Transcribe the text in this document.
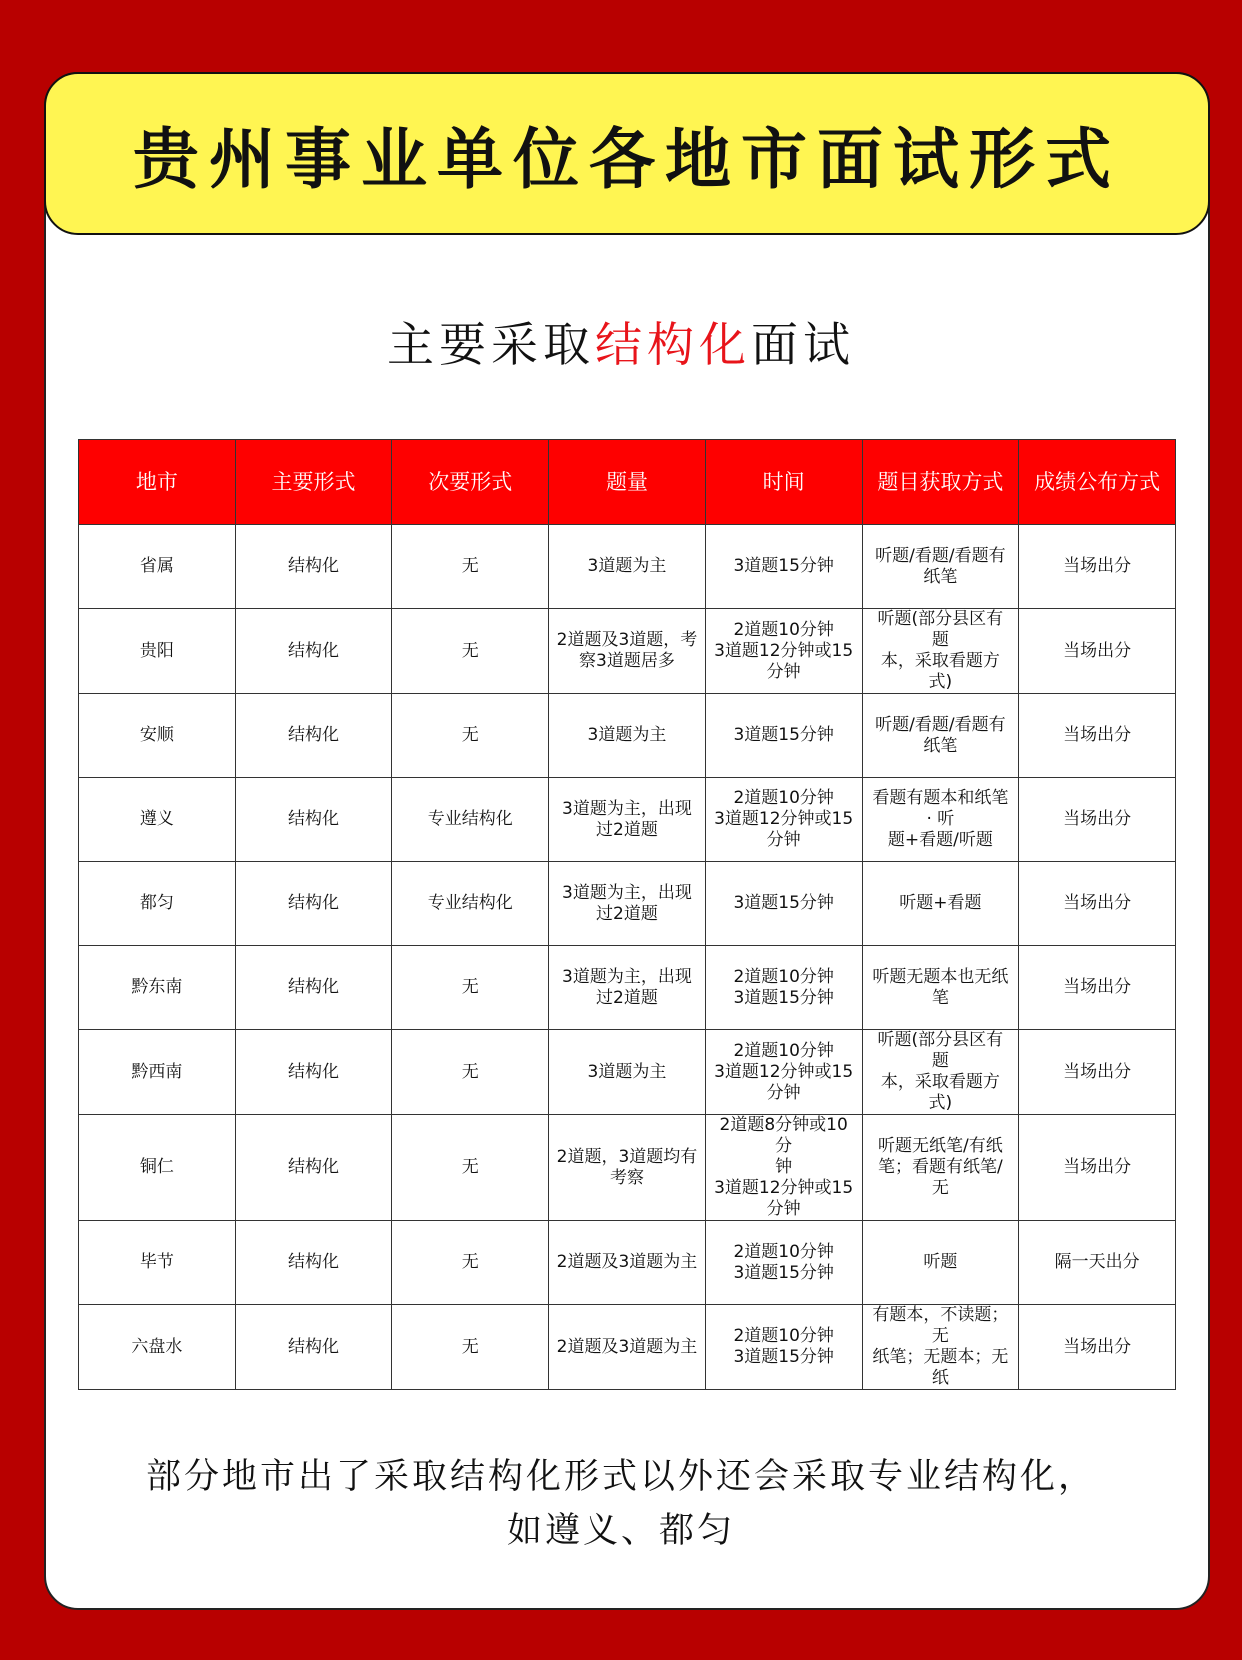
贵州事业单位各地市面试形式
主要采取结构化面试
地市	主要形式	次要形式	题量	时间	题目获取方式	成绩公布方式
省属	结构化	无	3道题为主	3道题15分钟	听题/看题/看题有
纸笔	当场出分
贵阳	结构化	无	2道题及3道题，考
察3道题居多	2道题10分钟
3道题12分钟或15
分钟	听题(部分县区有
题
本，采取看题方
式)	当场出分
安顺	结构化	无	3道题为主	3道题15分钟	听题/看题/看题有
纸笔	当场出分
遵义	结构化	专业结构化	3道题为主，出现
过2道题	2道题10分钟
3道题12分钟或15
分钟	看题有题本和纸笔
· 听
题+看题/听题	当场出分
都匀	结构化	专业结构化	3道题为主，出现
过2道题	3道题15分钟	听题+看题	当场出分
黔东南	结构化	无	3道题为主，出现
过2道题	2道题10分钟
3道题15分钟	听题无题本也无纸
笔	当场出分
黔西南	结构化	无	3道题为主	2道题10分钟
3道题12分钟或15
分钟	听题(部分县区有
题
本，采取看题方
式)	当场出分
铜仁	结构化	无	2道题，3道题均有
考察	2道题8分钟或10分
钟
3道题12分钟或15
分钟	听题无纸笔/有纸
笔；看题有纸笔/
无	当场出分
毕节	结构化	无	2道题及3道题为主	2道题10分钟
3道题15分钟	听题	隔一天出分
六盘水	结构化	无	2道题及3道题为主	2道题10分钟
3道题15分钟	有题本，不读题；
无
纸笔；无题本；无
纸	当场出分
部分地市出了采取结构化形式以外还会采取专业结构化，
如遵义、都匀
